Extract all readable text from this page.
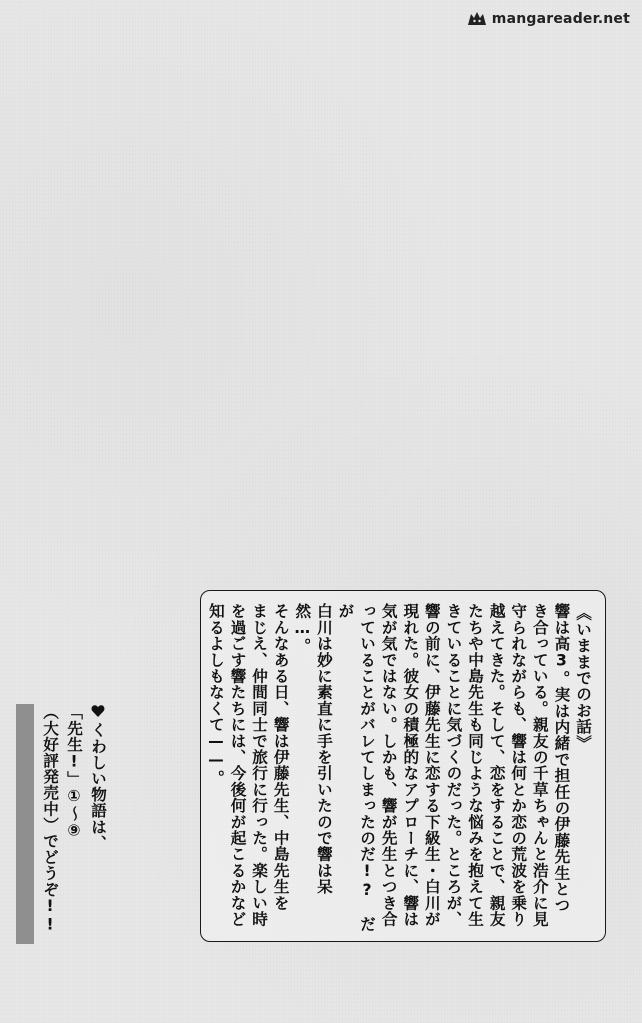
mangareader.net
《いままでのお話》
響は高3。実は内緒で担任の伊藤先生とつ
き合っている。親友の千草ちゃんと浩介に見
守られながらも、響は何とか恋の荒波を乗り
越えてきた。そして、恋をすることで、親友
たちや中島先生も同じような悩みを抱えて生
きていることに気づくのだった。ところが、
響の前に、伊藤先生に恋する下級生・白川が
現れた。彼女の積極的なアプローチに、響は
気が気ではない。しかも、響が先生とつき合
っていることがバレてしまったのだ!?　だが
白川は妙に素直に手を引いたので響は呆然…。
そんなある日、響は伊藤先生、中島先生を
まじえ、仲間同士で旅行に行った。楽しい時
を過ごす響たちには、今後何が起こるかなど
知るよしもなくて——。
くわしい物語は、
「先生!」①～⑨
（大好評発売中）でどうぞ!!
